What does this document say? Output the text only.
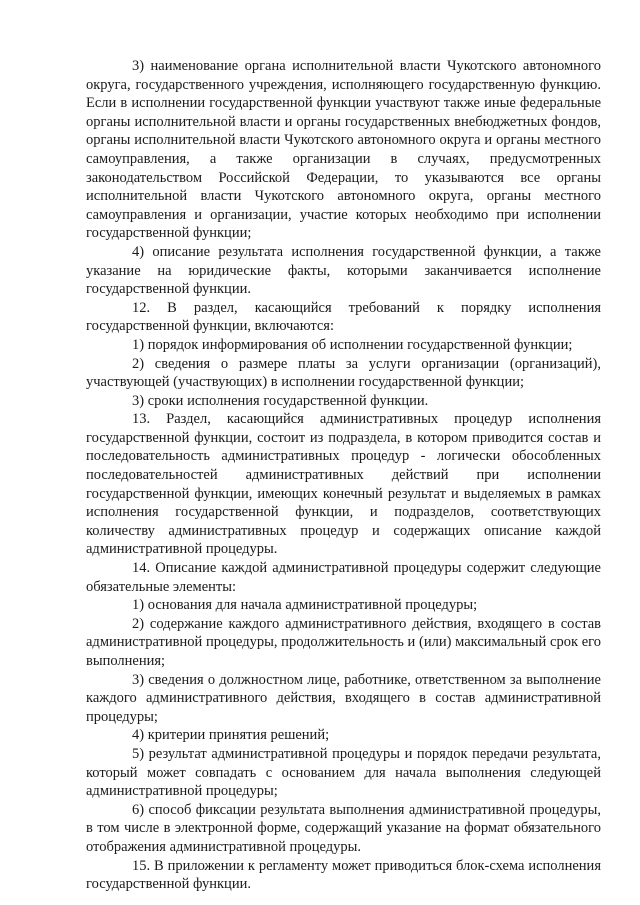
3) наименование органа исполнительной власти Чукотского автономного округа, государственного учреждения, исполняющего государственную функцию. Если в исполнении государственной функции участвуют также иные федеральные органы исполнительной власти и органы государственных внебюджетных фондов, органы исполнительной власти Чукотского автономного округа и органы местного самоуправления, а также организации в случаях, предусмотренных законодательством Российской Федерации, то указываются все органы исполнительной власти Чукотского автономного округа, органы местного самоуправления и организации, участие которых необходимо при исполнении государственной функции;

4) описание результата исполнения государственной функции, а также указание на юридические факты, которыми заканчивается исполнение государственной функции.

12. В раздел, касающийся требований к порядку исполнения государственной функции, включаются:

1) порядок информирования об исполнении государственной функции;

2) сведения о размере платы за услуги организации (организаций), участвующей (участвующих) в исполнении государственной функции;

3) сроки исполнения государственной функции.

13. Раздел, касающийся административных процедур исполнения государственной функции, состоит из подраздела, в котором приводится состав и последовательность административных процедур - логически обособленных последовательностей административных действий при исполнении государственной функции, имеющих конечный результат и выделяемых в рамках исполнения государственной функции, и подразделов, соответствующих количеству административных процедур и содержащих описание каждой административной процедуры.

14. Описание каждой административной процедуры содержит следующие обязательные элементы:

1) основания для начала административной процедуры;

2) содержание каждого административного действия, входящего в состав административной процедуры, продолжительность и (или) максимальный срок его выполнения;

3) сведения о должностном лице, работнике, ответственном за выполнение каждого административного действия, входящего в состав административной процедуры;

4) критерии принятия решений;

5) результат административной процедуры и порядок передачи результата, который может совпадать с основанием для начала выполнения следующей административной процедуры;

6) способ фиксации результата выполнения административной процедуры, в том числе в электронной форме, содержащий указание на формат обязательного отображения административной процедуры.

15. В приложении к регламенту может приводиться блок-схема исполнения государственной функции.
